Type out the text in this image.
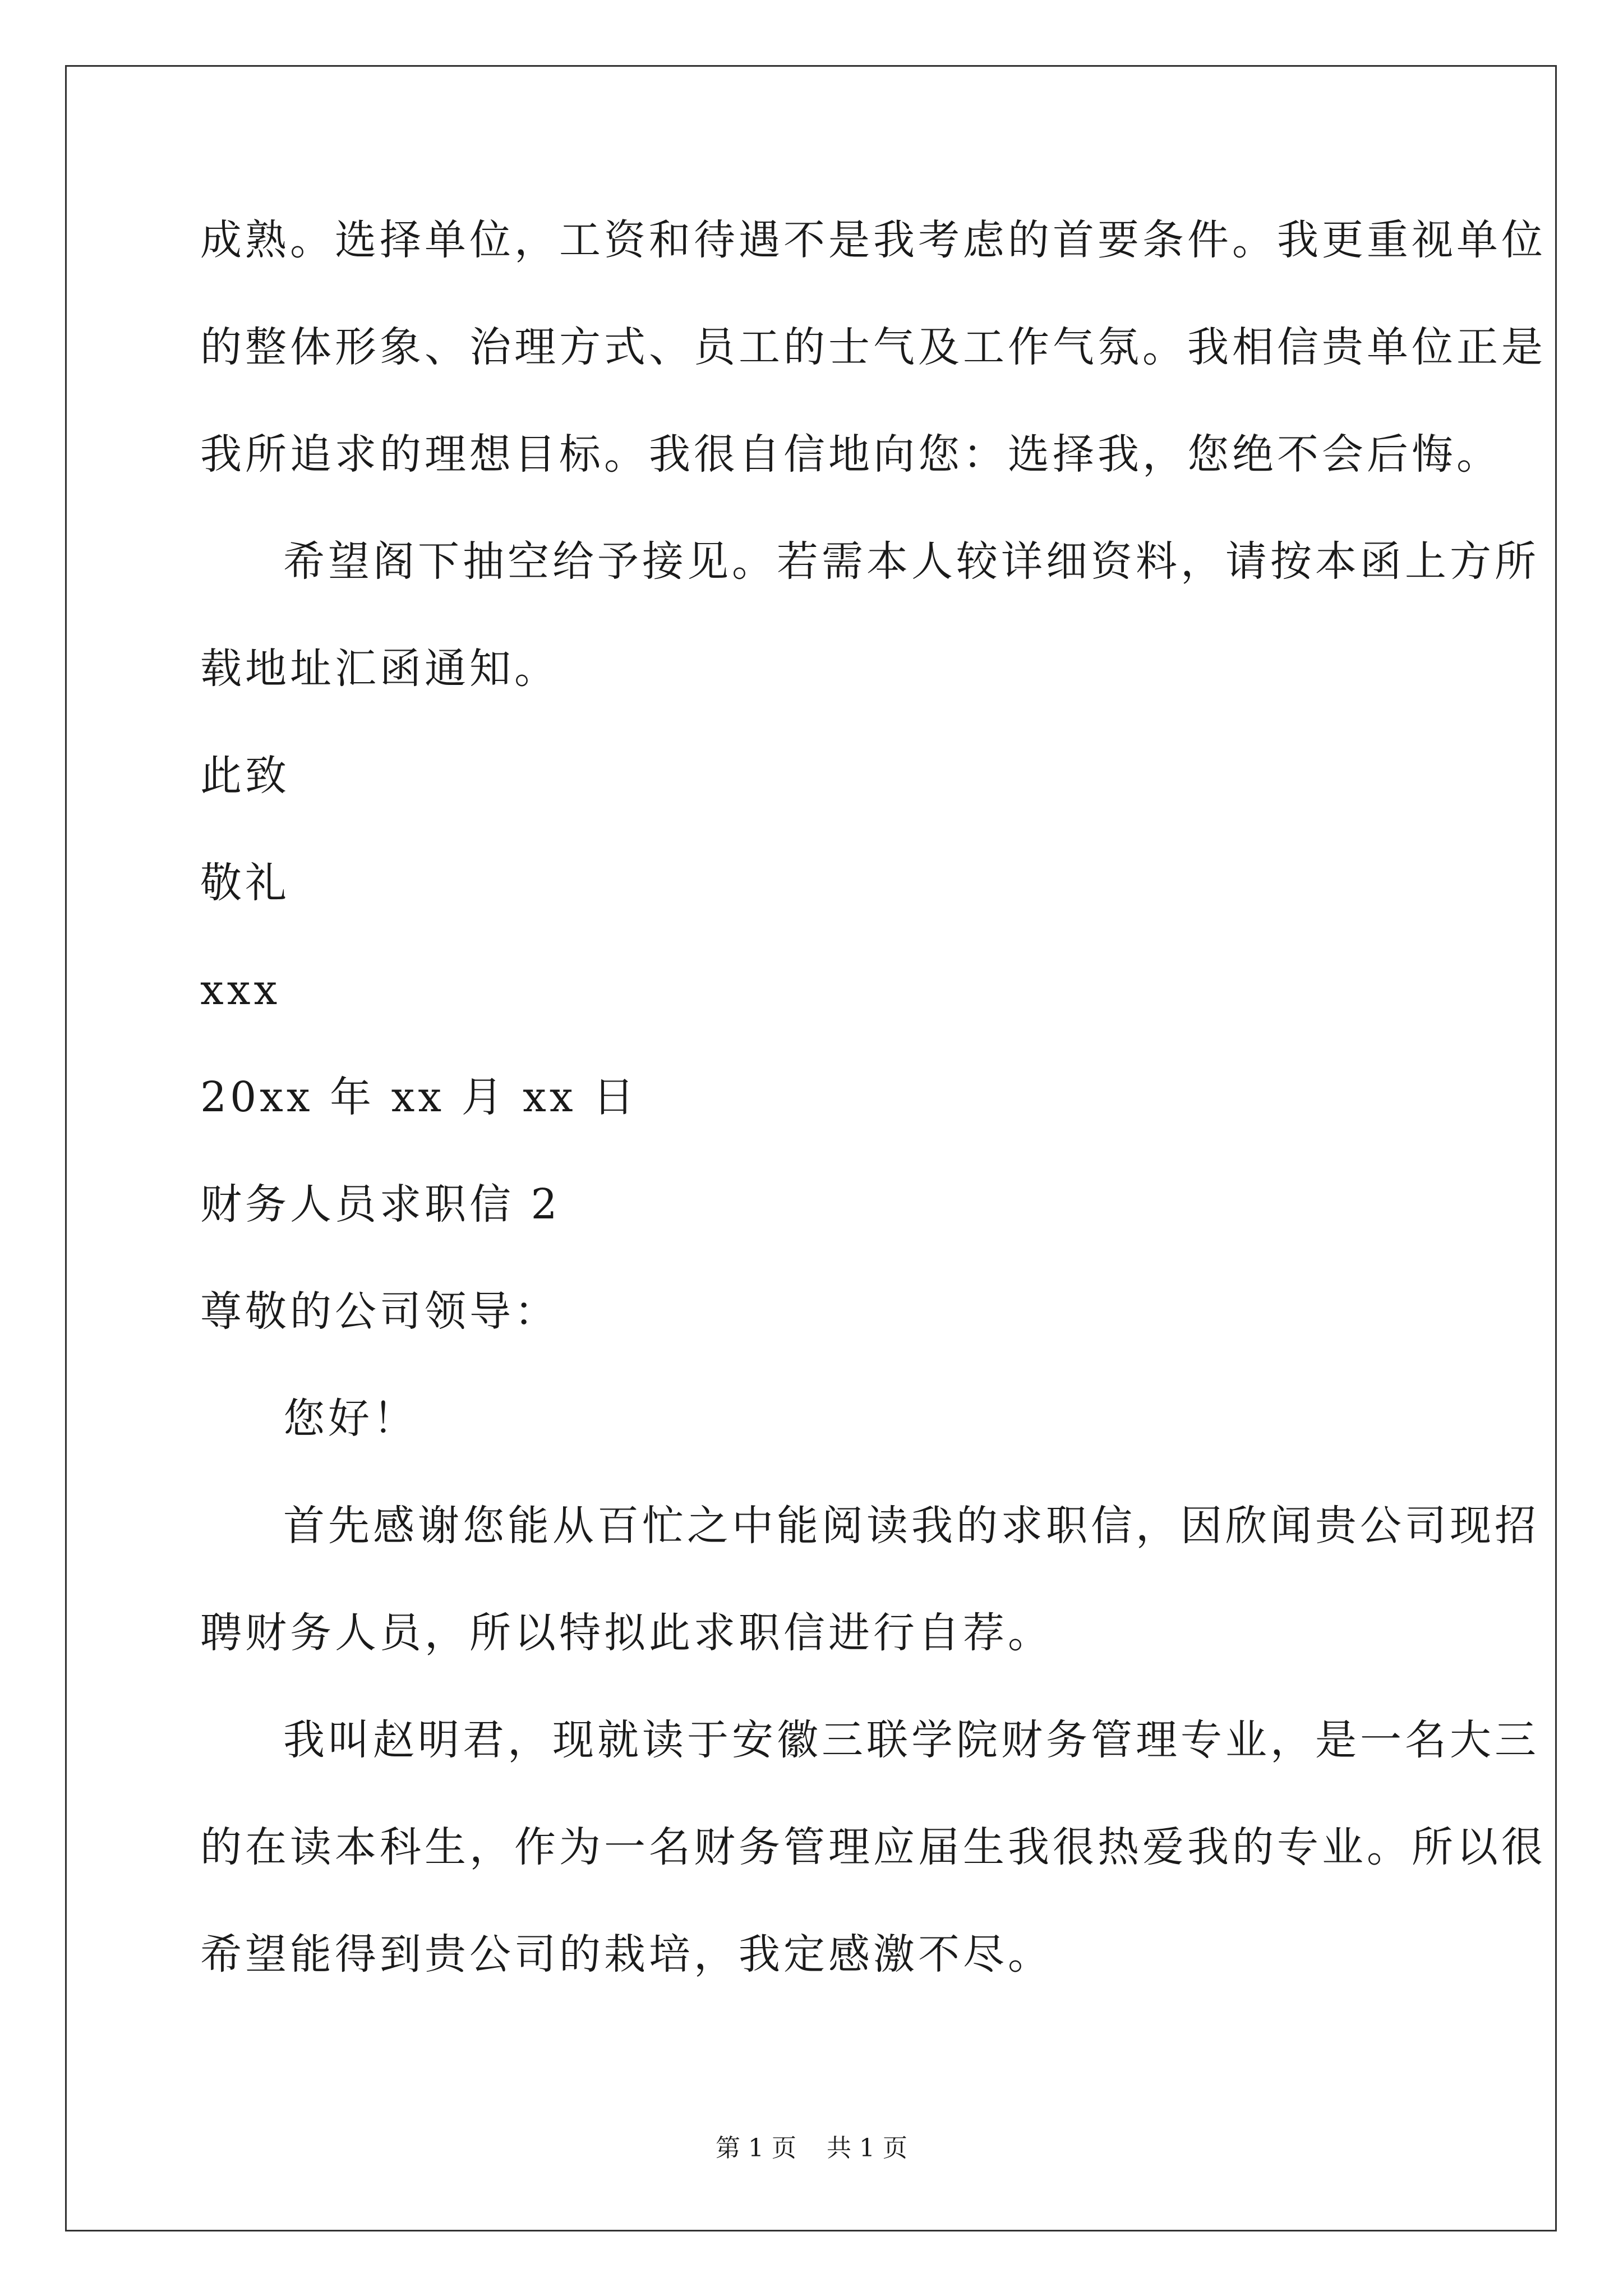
成熟。选择单位，工资和待遇不是我考虑的首要条件。我更重视单位
的整体形象、治理方式、员工的士气及工作气氛。我相信贵单位正是
我所追求的理想目标。我很自信地向您：选择我，您绝不会后悔。
希望阁下抽空给予接见。若需本人较详细资料，请按本函上方所
载地址汇函通知。
此致
敬礼
xxx
20xx 年 xx 月 xx 日
财务人员求职信 2
尊敬的公司领导：
您好！
首先感谢您能从百忙之中能阅读我的求职信，因欣闻贵公司现招
聘财务人员，所以特拟此求职信进行自荐。
我叫赵明君，现就读于安徽三联学院财务管理专业，是一名大三
的在读本科生，作为一名财务管理应届生我很热爱我的专业。所以很
希望能得到贵公司的栽培，我定感激不尽。
第 1 页 共 1 页
